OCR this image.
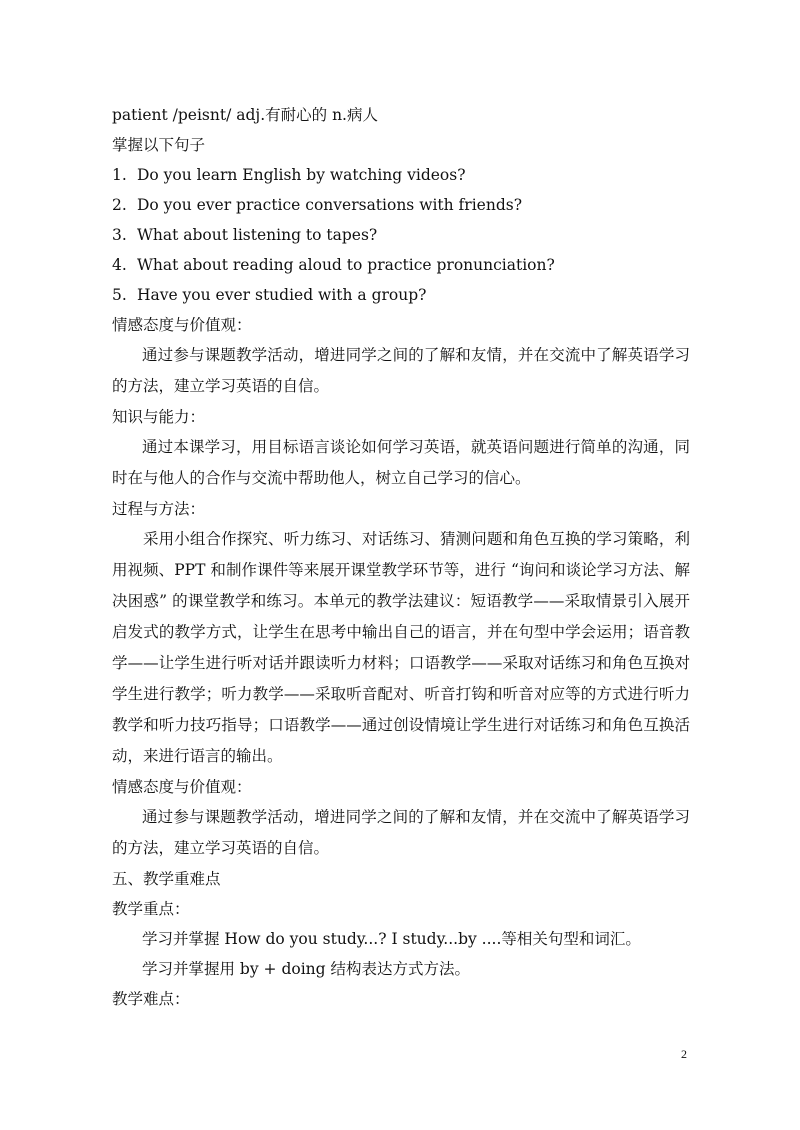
patient /peisnt/ adj.有耐心的 n.病人
掌握以下句子
1. Do you learn English by watching videos?
2. Do you ever practice conversations with friends?
3. What about listening to tapes?
4. What about reading aloud to practice pronunciation?
5. Have you ever studied with a group?
情感态度与价值观：

通过参与课题教学活动，增进同学之间的了解和友情，并在交流中了解英语学习的方法，建立学习英语的自信。

知识与能力：

通过本课学习，用目标语言谈论如何学习英语，就英语问题进行简单的沟通，同时在与他人的合作与交流中帮助他人，树立自己学习的信心。

过程与方法：

采用小组合作探究、听力练习、对话练习、猜测问题和角色互换的学习策略，利用视频、PPT 和制作课件等来展开课堂教学环节等，进行 “询问和谈论学习方法、解决困惑” 的课堂教学和练习。本单元的教学法建议：短语教学——采取情景引入展开启发式的教学方式，让学生在思考中输出自己的语言，并在句型中学会运用；语音教学——让学生进行听对话并跟读听力材料；口语教学——采取对话练习和角色互换对学生进行教学；听力教学——采取听音配对、听音打钩和听音对应等的方式进行听力教学和听力技巧指导；口语教学——通过创设情境让学生进行对话练习和角色互换活动，来进行语言的输出。

情感态度与价值观：

通过参与课题教学活动，增进同学之间的了解和友情，并在交流中了解英语学习的方法，建立学习英语的自信。

五、教学重难点
教学重点：
学习并掌握 How do you study...? I study...by ....等相关句型和词汇。
学习并掌握用 by + doing 结构表达方式方法。
教学难点：
2
